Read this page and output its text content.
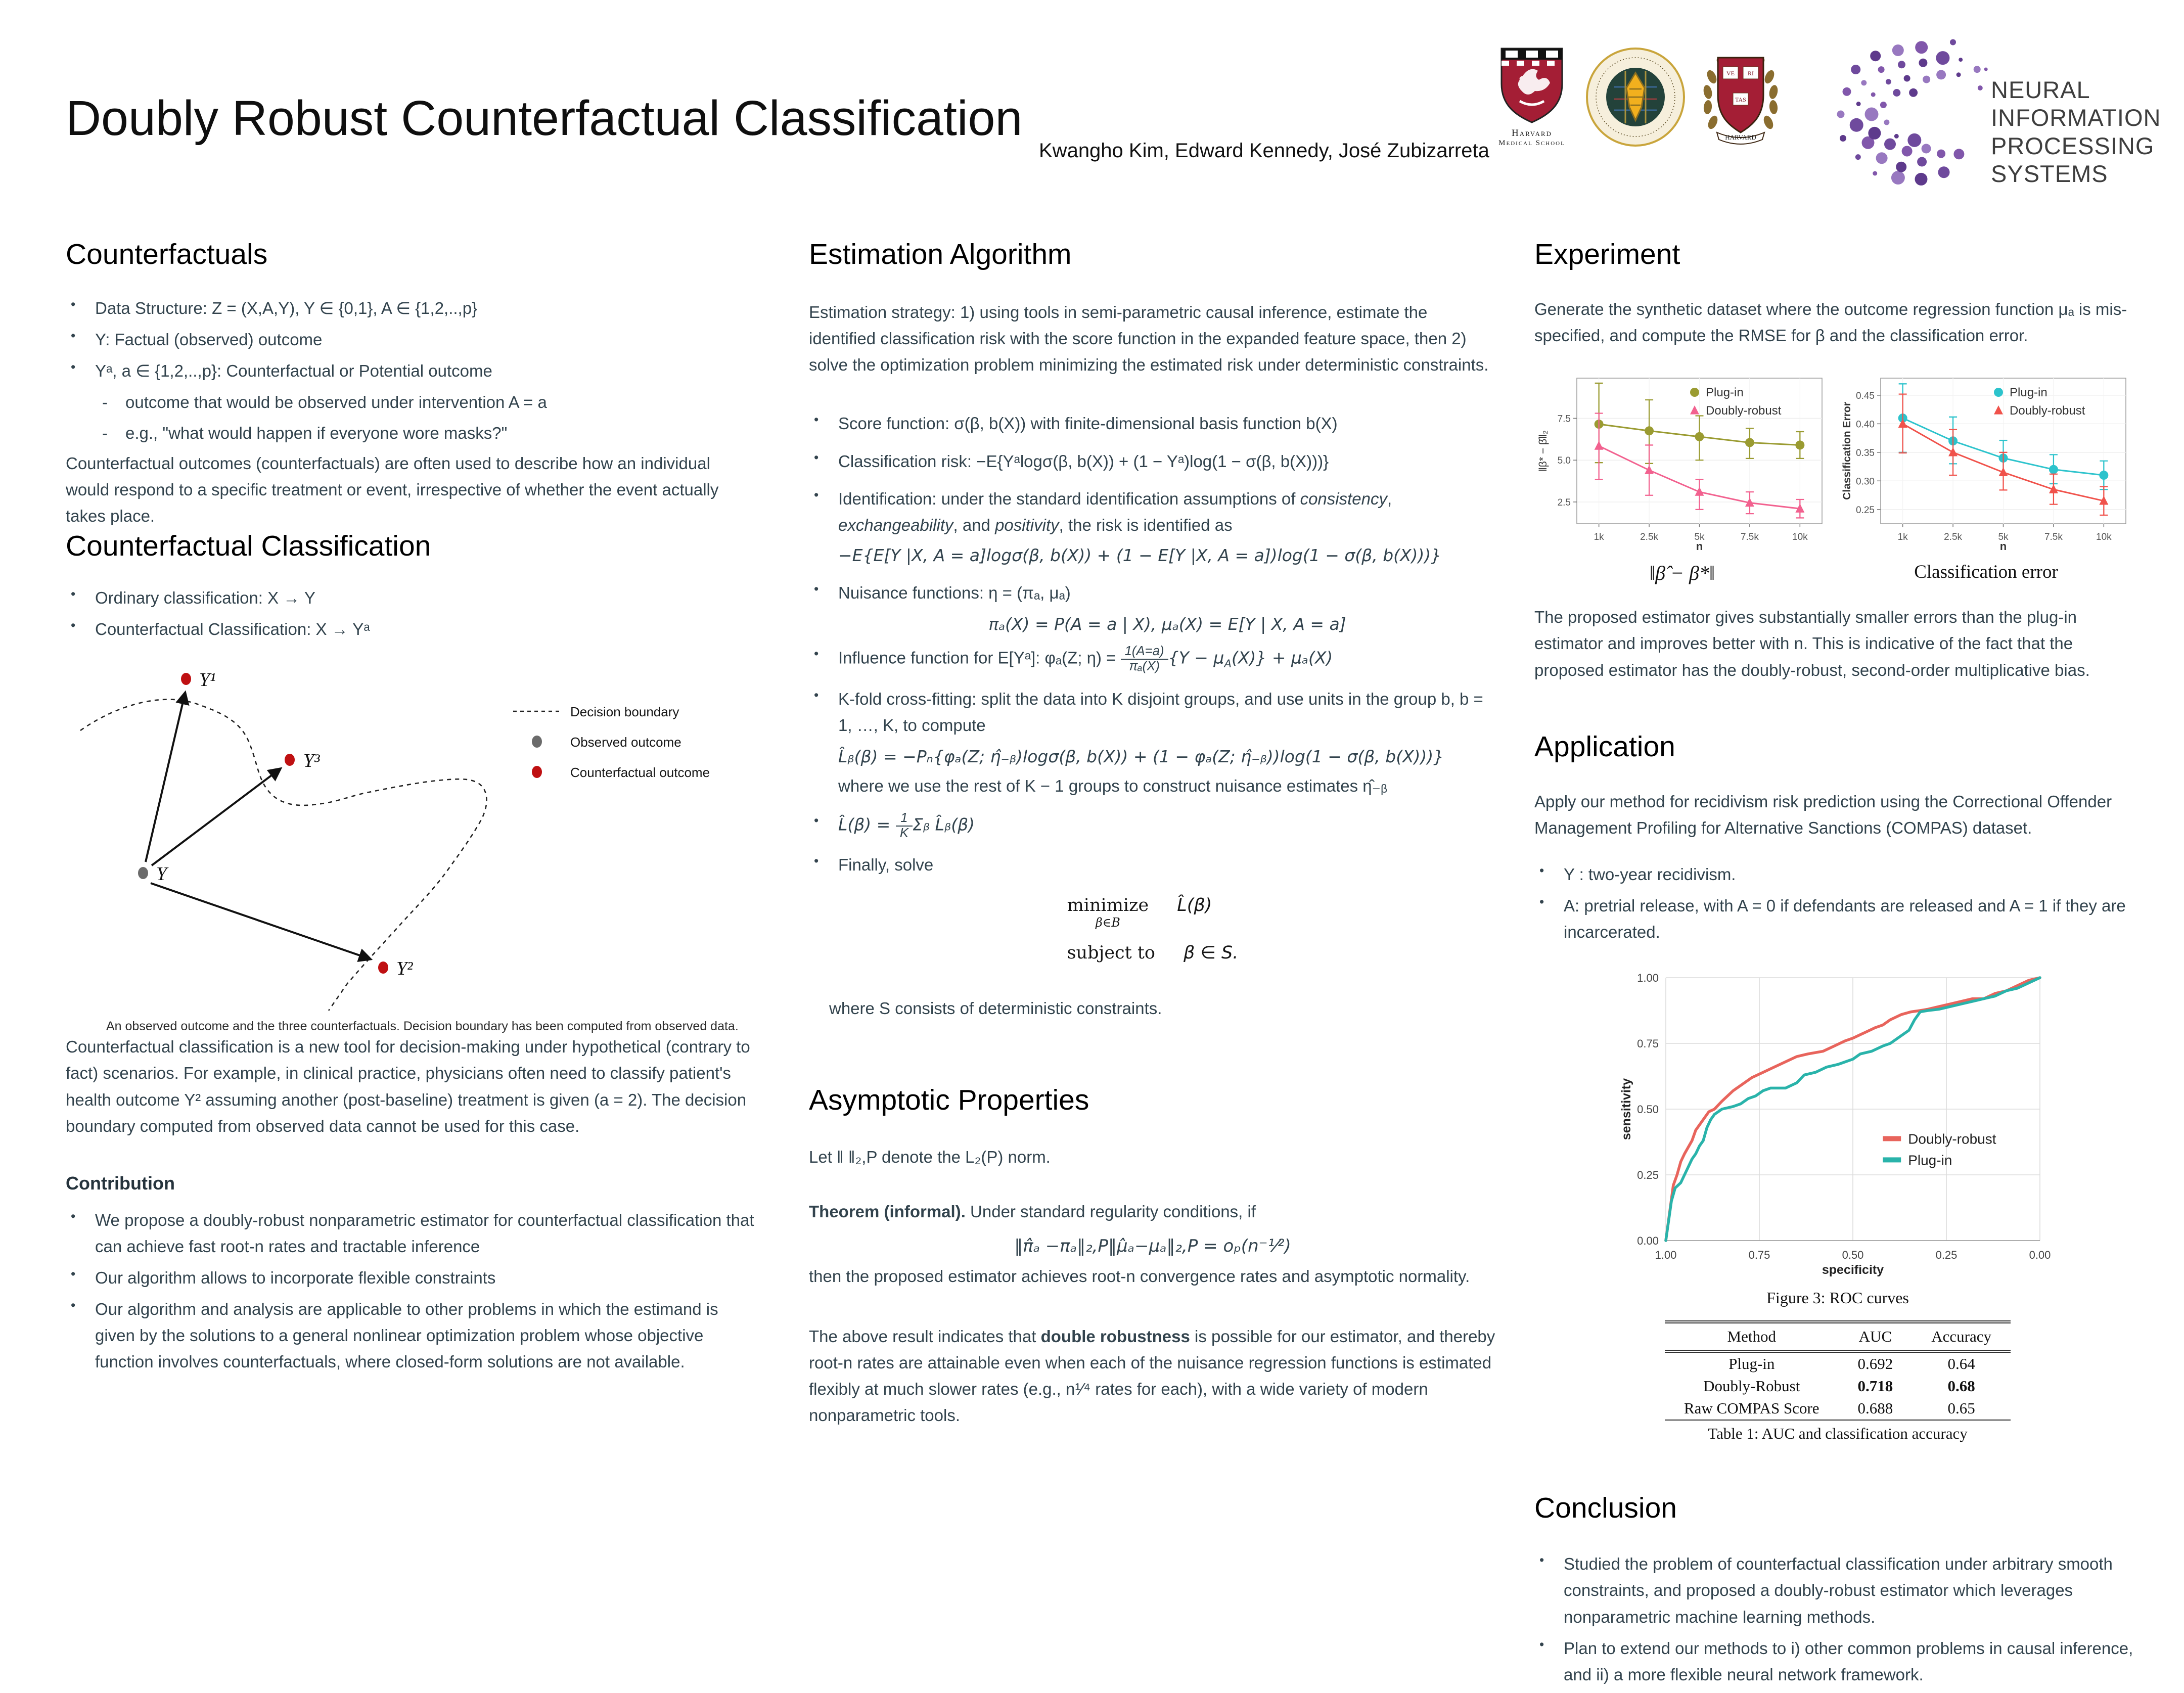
Doubly Robust Counterfactual Classification
Kwangho Kim, Edward Kennedy, José Zubizarreta
Harvard
Medical School
VE RI
TAS
HARVARD
NEURAL INFORMATION
PROCESSING SYSTEMS
Counterfactuals
• Data Structure: Z = (X,A,Y), Y ∈ {0,1}, A ∈ {1,2,..,p}
• Y: Factual (observed) outcome
• Yᵃ, a ∈ {1,2,..,p}: Counterfactual or Potential outcome
- outcome that would be observed under intervention A = a
- e.g., "what would happen if everyone wore masks?"

Counterfactual outcomes (counterfactuals) are often used to describe how an individual would respond to a specific treatment or event, irrespective of whether the event actually takes place.

Counterfactual Classification
• Ordinary classification: X → Y
• Counterfactual Classification: X → Yᵃ
Y¹
Y³
Y
Y²
Decision boundary
Observed outcome
Counterfactual outcome
An observed outcome and the three counterfactuals. Decision boundary has been computed from observed data.

Counterfactual classification is a new tool for decision-making under hypothetical (contrary to fact) scenarios. For example, in clinical practice, physicians often need to classify patient's health outcome Y² assuming another (post-baseline) treatment is given (a = 2). The decision boundary computed from observed data cannot be used for this case.

Contribution
• We propose a doubly-robust nonparametric estimator for counterfactual classification that can achieve fast root-n rates and tractable inference
• Our algorithm allows to incorporate flexible constraints
• Our algorithm and analysis are applicable to other problems in which the estimand is given by the solutions to a general nonlinear optimization problem whose objective function involves counterfactuals, where closed-form solutions are not available.
Estimation Algorithm

Estimation strategy: 1) using tools in semi-parametric causal inference, estimate the identified classification risk with the score function in the expanded feature space, then 2) solve the optimization problem minimizing the estimated risk under deterministic constraints.

• Score function: σ(β, b(X)) with finite-dimensional basis function b(X)
• Classification risk: −E{Yᵃlogσ(β, b(X)) + (1 − Yᵃ)log(1 − σ(β, b(X)))}
• Identification: under the standard identification assumptions of consistency, exchangeability, and positivity, the risk is identified as
−E{E[Y |X, A = a]logσ(β, b(X)) + (1 − E[Y |X, A = a])log(1 − σ(β, b(X)))}
• Nuisance functions: η = (πₐ, μₐ)
πₐ(X) = P(A = a | X), μₐ(X) = E[Y | X, A = a]
• Influence function for E[Yᵃ]: φₐ(Z; $\eta) = \frac{1(A=a)}{\text{πₐ(X)}} \{Y - \mu_A(X)\} + \mu_a(X)$
• K-fold cross-fitting: split the data into K disjoint groups, and use units in the group b, b = 1, …, K, to compute
L̂ᵦ(β) = −Pₙ{φₐ(Z; η̂₋ᵦ)logσ(β, b(X)) + (1 − φₐ(Z; η̂₋ᵦ))log(1 − σ(β, b(X)))}
where we use the rest of K − 1 groups to construct nuisance estimates η̂₋ᵦ
• L̂(β) = $\frac{1}{K}$ Σᵦ L̂ᵦ(β)
• Finally, solve
minimize
β∈B
L̂(β)
subject to β ∈ S.

where S consists of deterministic constraints.

Asymptotic Properties

Let ‖ ‖₂,P denote the L₂(P) norm.

Theorem (informal). Under standard regularity conditions, if

‖π̂ₐ −πₐ‖₂,P‖μ̂ₐ−μₐ‖₂,P = oₚ(n⁻¹⁄²)

then the proposed estimator achieves root-n convergence rates and asymptotic normality.

The above result indicates that double robustness is possible for our estimator, and thereby root-n rates are attainable even when each of the nuisance regression functions is estimated flexibly at much slower rates (e.g., n¹⁄⁴ rates for each), with a wide variety of modern nonparametric tools.

Experiment

Generate the synthetic dataset where the outcome regression function μₐ is mis-specified, and compute the RMSE for β and the classification error.

2.5
5.0
7.5
1k	2.5k	5k	7.5k	10k
Plug-in
Doubly-robust
n
‖β* − β̂‖₂
0.25
0.30
0.35
0.40
0.45
1k	2.5k	5k	7.5k	10k
Plug-in
Doubly-robust
n
Classification Error
‖β̂ − β*‖	Classification error

The proposed estimator gives substantially smaller errors than the plug-in estimator and improves better with n. This is indicative of the fact that the proposed estimator has the doubly-robust, second-order multiplicative bias.

Application

Apply our method for recidivism risk prediction using the Correctional Offender Management Profiling for Alternative Sanctions (COMPAS) dataset.

• Y : two-year recidivism.
• A: pretrial release, with A = 0 if defendants are released and A = 1 if they are incarcerated.
0.00
0.25
0.50
0.75
1.00
1.00	0.75	0.50	0.25	0.00
Doubly-robust
Plug-in
specificity
sensitivity
Figure 3: ROC curves
Method	AUC	Accuracy
Plug-in	0.692	0.64
Doubly-Robust	0.718	0.68
Raw COMPAS Score	0.688	0.65
Table 1: AUC and classification accuracy
Conclusion
• Studied the problem of counterfactual classification under arbitrary smooth constraints, and proposed a doubly-robust estimator which leverages nonparametric machine learning methods.
• Plan to extend our methods to i) other common problems in causal inference, and ii) a more flexible neural network framework.
